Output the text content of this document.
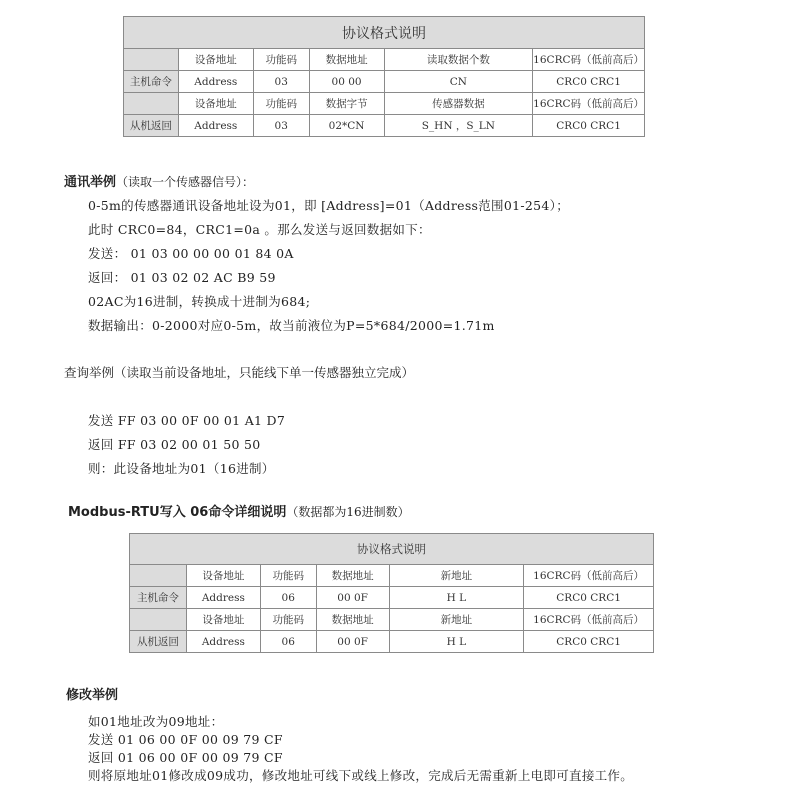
协议格式说明					
	设备地址	功能码	数据地址	读取数据个数	16CRC码（低前高后）
主机命令	Address	03	00 00	CN	CRC0 CRC1
	设备地址	功能码	数据字节	传感器数据	16CRC码（低前高后）
从机返回	Address	03	02*CN	S_HN ，S_LN	CRC0 CRC1
通讯举例（读取一个传感器信号）：
0-5m的传感器通讯设备地址设为01，即 [Address]=01（Address范围01-254）；
此时 CRC0=84，CRC1=0a 。那么发送与返回数据如下：
发送： 01 03 00 00 00 01 84 0A
返回： 01 03 02 02 AC B9 59
02AC为16进制，转换成十进制为684;
数据输出：0-2000对应0-5m，故当前液位为P=5*684/2000=1.71m
查询举例（读取当前设备地址，只能线下单一传感器独立完成）
发送 FF 03 00 0F 00 01 A1 D7
返回 FF 03 02 00 01 50 50
则：此设备地址为01（16进制）
Modbus-RTU写入 06命令详细说明（数据都为16进制数）
协议格式说明					
	设备地址	功能码	数据地址	新地址	16CRC码（低前高后）
主机命令	Address	06	00 0F	H L	CRC0 CRC1
	设备地址	功能码	数据地址	新地址	16CRC码（低前高后）
从机返回	Address	06	00 0F	H L	CRC0 CRC1
修改举例
如01地址改为09地址：
发送 01 06 00 0F 00 09 79 CF
返回 01 06 00 0F 00 09 79 CF
则将原地址01修改成09成功，修改地址可线下或线上修改，完成后无需重新上电即可直接工作。
